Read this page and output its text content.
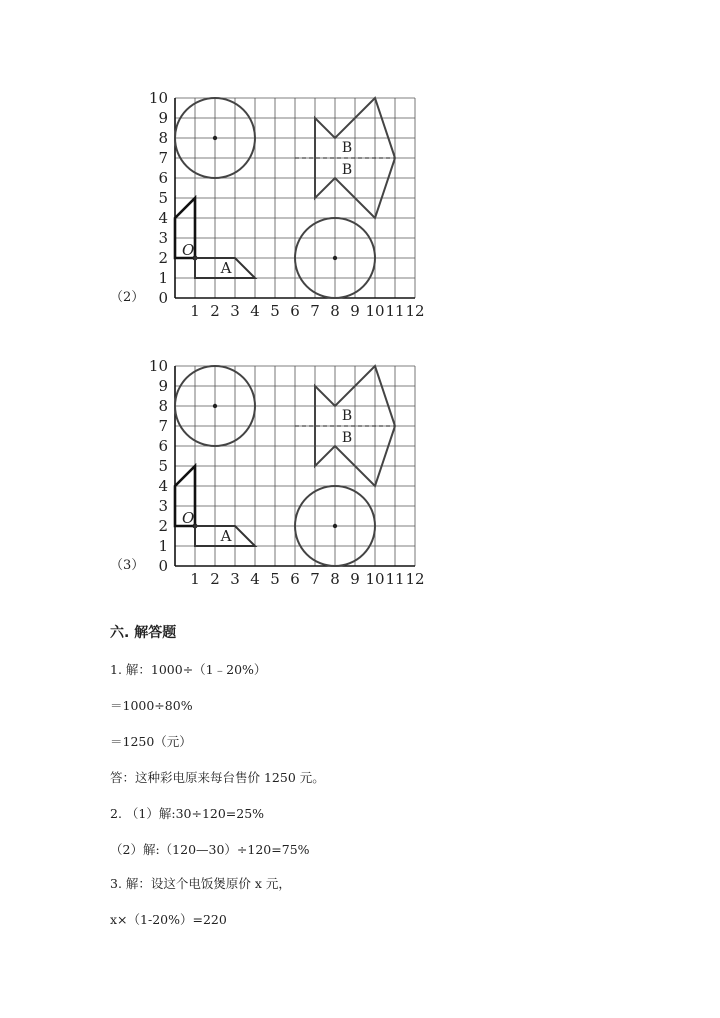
0
1
2
3
4
5
6
7
8
9
10
1 2 3 4 5 6 7 8 9 10 11 12
O
A
B
B
（2）
0
1
2
3
4
5
6
7
8
9
10
1 2 3 4 5 6 7 8 9 10 11 12
O
A
B
B
（3）
六. 解答题
1. 解：1000÷（1﹣20%）
＝1000÷80%
＝1250（元）
答：这种彩电原来每台售价 1250 元。
2. （1）解:30÷120=25%
（2）解:（120—30）÷120=75%
3. 解：设这个电饭煲原价 x 元，
x×（1-20%）=220
